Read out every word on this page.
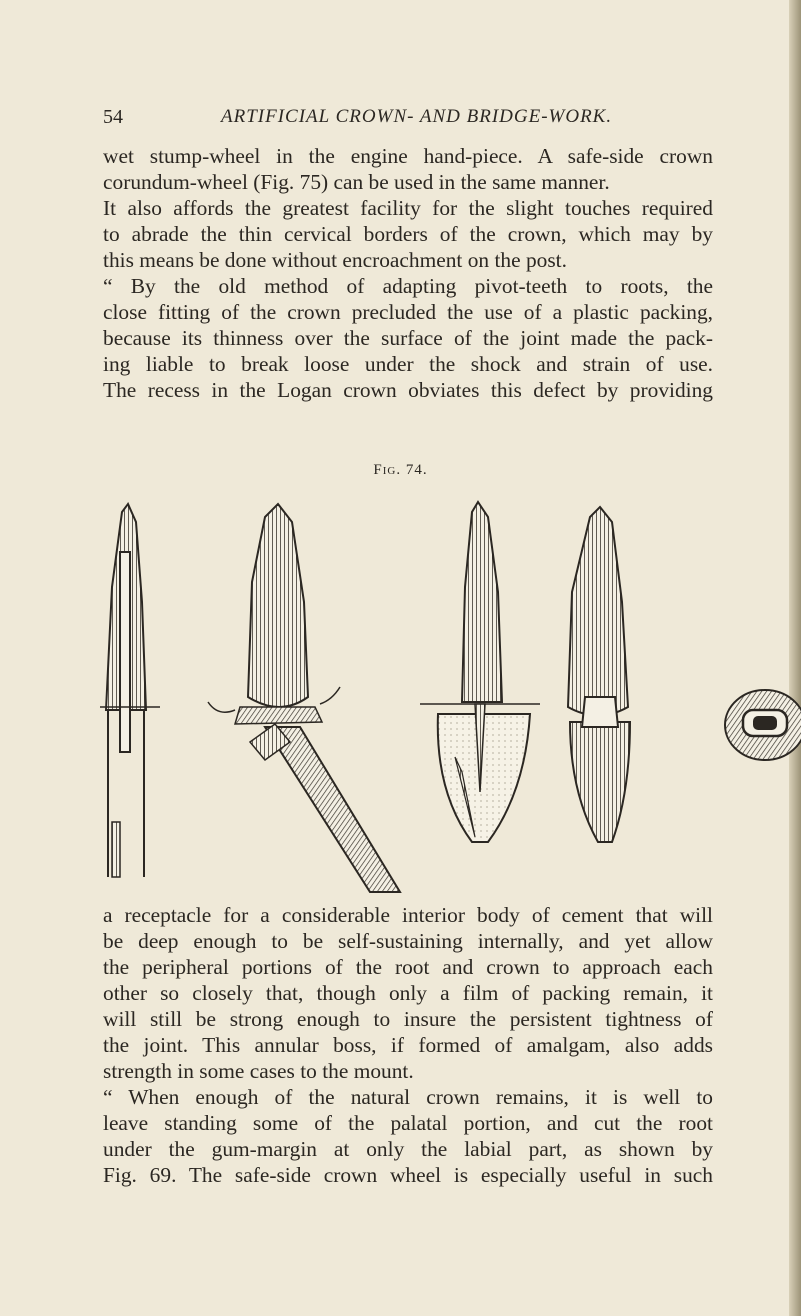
54	ARTIFICIAL CROWN- AND BRIDGE-WORK.

wet stump-wheel in the engine hand-piece. A safe-side crown
corundum-wheel (Fig. 75) can be used in the same manner.
It also affords the greatest facility for the slight touches required
to abrade the thin cervical borders of the crown, which may by
this means be done without encroachment on the post.
“ By the old method of adapting pivot-teeth to roots, the
close fitting of the crown precluded the use of a plastic packing,
because its thinness over the surface of the joint made the pack-
ing liable to break loose under the shock and strain of use.
The recess in the Logan crown obviates this defect by providing

Fig. 74.

a receptacle for a considerable interior body of cement that will
be deep enough to be self-sustaining internally, and yet allow
the peripheral portions of the root and crown to approach each
other so closely that, though only a film of packing remain, it
will still be strong enough to insure the persistent tightness of
the joint. This annular boss, if formed of amalgam, also adds
strength in some cases to the mount.
“ When enough of the natural crown remains, it is well to
leave standing some of the palatal portion, and cut the root
under the gum-margin at only the labial part, as shown by
Fig. 69. The safe-side crown wheel is especially useful in such
